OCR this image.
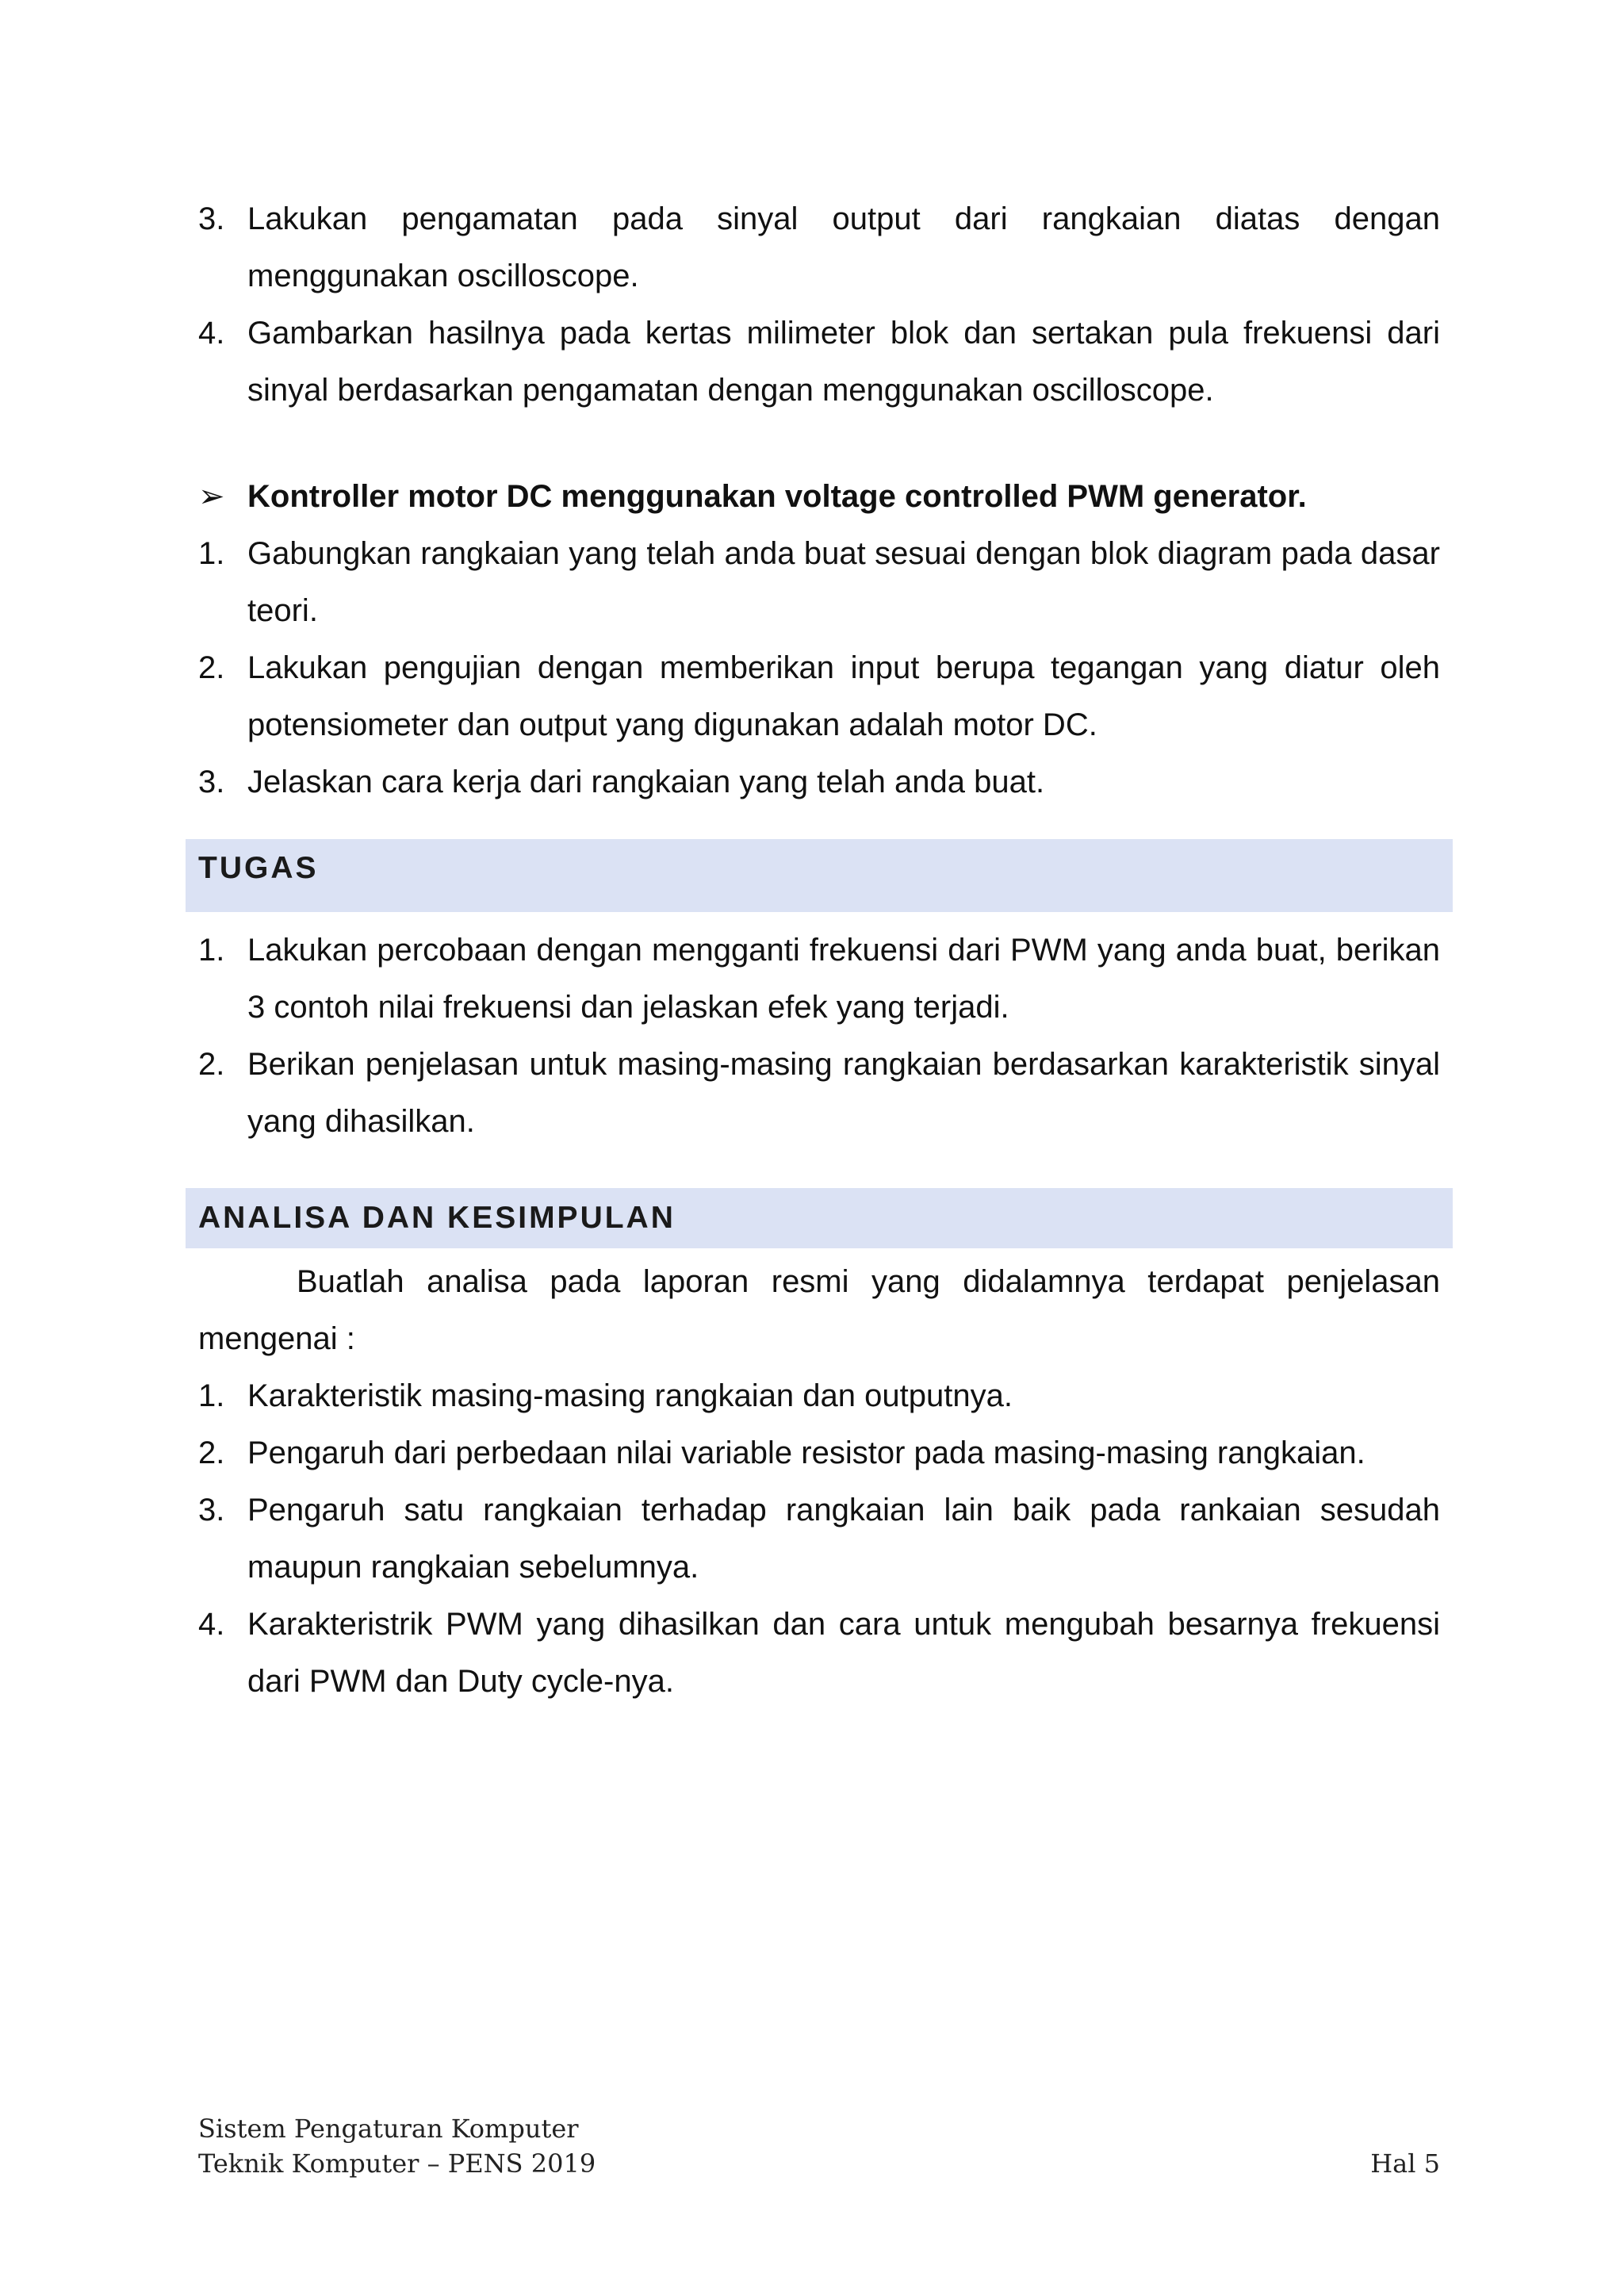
3. Lakukan pengamatan pada sinyal output dari rangkaian diatas dengan menggunakan oscilloscope.
4. Gambarkan hasilnya pada kertas milimeter blok dan sertakan pula frekuensi dari sinyal berdasarkan pengamatan dengan menggunakan oscilloscope.
➢ Kontroller motor DC menggunakan voltage controlled PWM generator.
1. Gabungkan rangkaian yang telah anda buat sesuai dengan blok diagram pada dasar teori.
2. Lakukan pengujian dengan memberikan input berupa tegangan yang diatur oleh potensiometer dan output yang digunakan adalah motor DC.
3. Jelaskan cara kerja dari rangkaian yang telah anda buat.
TUGAS
1. Lakukan percobaan dengan mengganti frekuensi dari PWM yang anda buat, berikan 3 contoh nilai frekuensi dan jelaskan efek yang terjadi.
2. Berikan penjelasan untuk masing-masing rangkaian berdasarkan karakteristik sinyal yang dihasilkan.
ANALISA DAN KESIMPULAN

Buatlah analisa pada laporan resmi yang didalamnya terdapat penjelasan mengenai :

1. Karakteristik masing-masing rangkaian dan outputnya.
2. Pengaruh dari perbedaan nilai variable resistor pada masing-masing rangkaian.
3. Pengaruh satu rangkaian terhadap rangkaian lain baik pada rankaian sesudah maupun rangkaian sebelumnya.
4. Karakteristrik PWM yang dihasilkan dan cara untuk mengubah besarnya frekuensi dari PWM dan Duty cycle-nya.
Sistem Pengaturan Komputer
Teknik Komputer – PENS 2019	Hal 5
